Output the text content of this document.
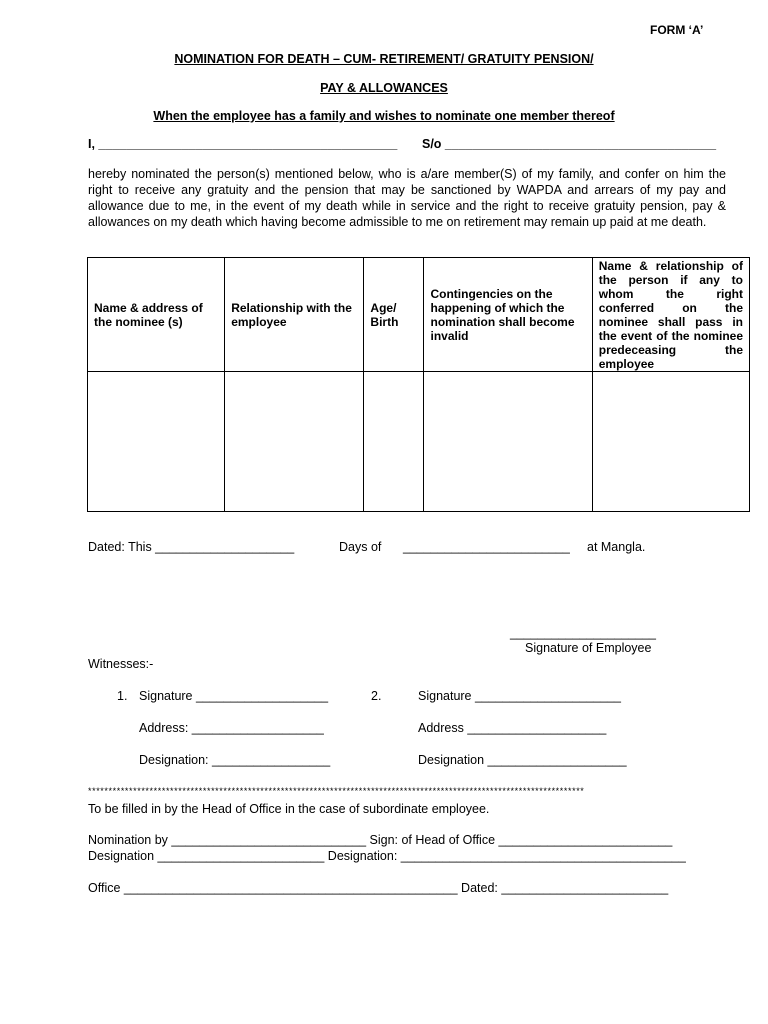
FORM ‘A’
NOMINATION FOR DEATH – CUM- RETIREMENT/ GRATUITY PENSION/
PAY & ALLOWANCES
When the employee has a family and wishes to nominate one member thereof
I, ___________________________________________ S/o _______________________________________
hereby nominated the person(s) mentioned below, who is a/are member(S) of my family, and confer on him the right to receive any gratuity and the pension that may be sanctioned by WAPDA and arrears of my pay and allowance due to me, in the event of my death while in service and the right to receive gratuity pension, pay & allowances on my death which having become admissible to me on retirement may remain up paid at me death.
Name & address of the nominee (s)	Relationship with the employee	Age/ Birth	Contingencies on the happening of which the nomination shall become invalid	Name & relationship of the person if any to whom the right conferred on the nominee shall pass in the event of the nominee predeceasing the employee

Dated: This ____________________	Days of ________________________ at Mangla.
_____________________
Signature of Employee
Witnesses:-
1. Signature ___________________
Address: ___________________
Designation: _________________
2.	Signature _____________________
Address ____________________
Designation ____________________
*************************************************************************************************************************
To be filled in by the Head of Office in the case of subordinate employee.
Nomination by ____________________________ Sign: of Head of Office _________________________
Designation ________________________ Designation: _________________________________________
Office ________________________________________________ Dated: ________________________
